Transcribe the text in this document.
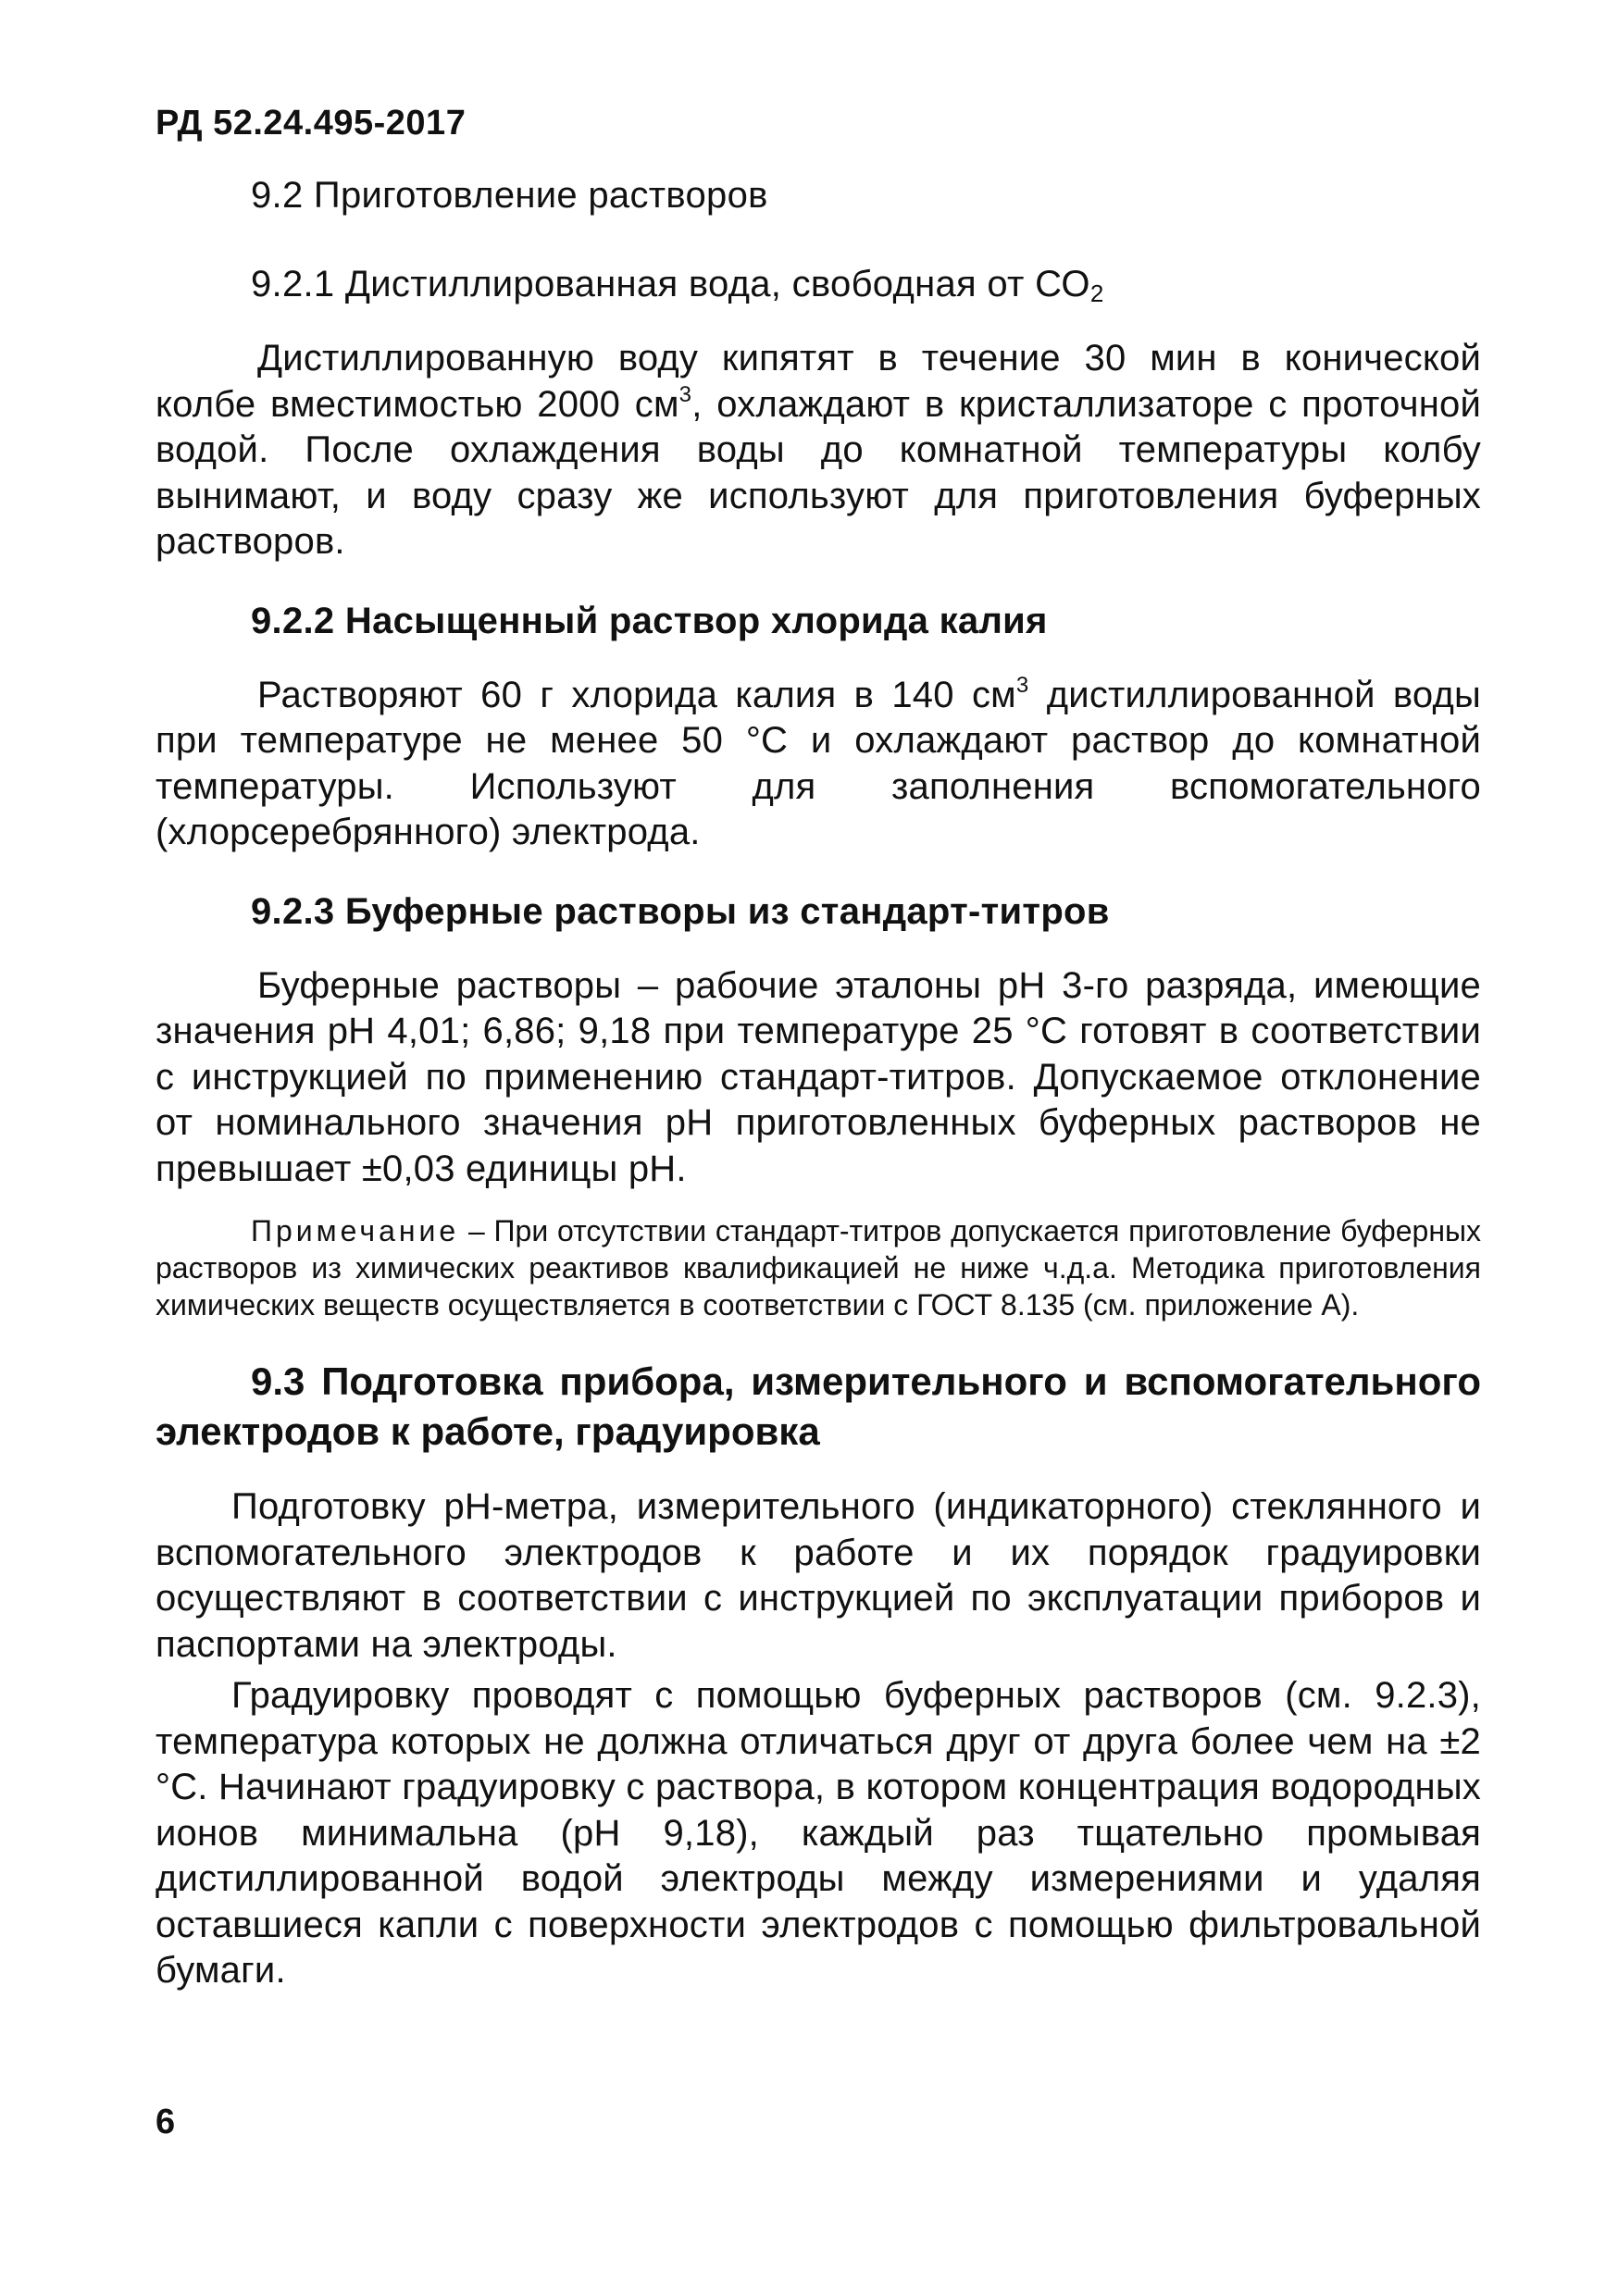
РД 52.24.495-2017
9.2 Приготовление растворов
9.2.1 Дистиллированная вода, свободная от $СО_2$

Дистиллированную воду кипятят в течение 30 мин в конической колбе вместимостью 2000 $см^3$, охлаждают в кристаллизаторе с проточной водой. После охлаждения воды до комнатной температуры колбу вынимают, и воду сразу же используют для приготовления буферных растворов.

9.2.2 Насыщенный раствор хлорида калия

Растворяют 60 г хлорида калия в 140 $см^3$ дистиллированной воды при температуре не менее 50 °С и охлаждают раствор до комнатной температуры. Используют для заполнения вспомогательного (хлорсеребрянного) электрода.

9.2.3 Буферные растворы из стандарт-титров

Буферные растворы – рабочие эталоны рН 3-го разряда, имеющие значения рН 4,01; 6,86; 9,18 при температуре 25 °С готовят в соответствии с инструкцией по применению стандарт-титров. Допускаемое отклонение от номинального значения рН приготовленных буферных растворов не превышает ±0,03 единицы рН.

Примечание – При отсутствии стандарт-титров допускается приготовление буферных растворов из химических реактивов квалификацией не ниже ч.д.а. Методика приготовления химических веществ осуществляется в соответствии с ГОСТ 8.135 (см. приложение А).

9.3 Подготовка прибора, измерительного и вспомогательного электродов к работе, градуировка

Подготовку рН-метра, измерительного (индикаторного) стеклянного и вспомогательного электродов к работе и их порядок градуировки осуществляют в соответствии с инструкцией по эксплуатации приборов и паспортами на электроды.

Градуировку проводят с помощью буферных растворов (см. 9.2.3), температура которых не должна отличаться друг от друга более чем на ±2 °С. Начинают градуировку с раствора, в котором концентрация водородных ионов минимальна (рН 9,18), каждый раз тщательно промывая дистиллированной водой электроды между измерениями и удаляя оставшиеся капли с поверхности электродов с помощью фильтровальной бумаги.

6
